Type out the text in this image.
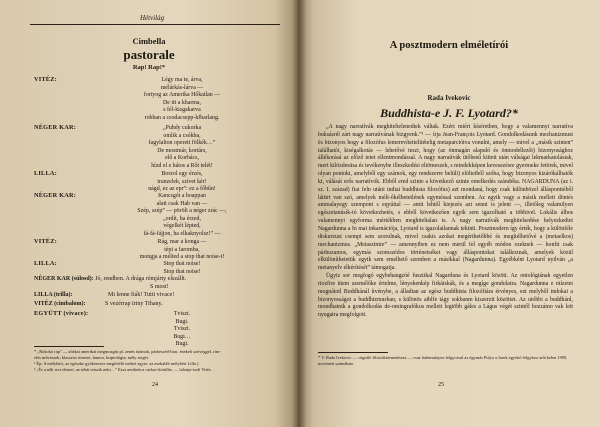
Hétvilág
Cimbella
pastorale
Rap! Rap!*
VITÉZ:	Légy ma te, árva,
mélárkás-lárva —
fortyog az Amerika Hőkatlan —
De itt a kharma,
s fél-kisgakarva
robban a csodacsepp-kfbarlang.
NÉGER KAR:	„Puhdy cukorka
omlik a csókba,
fagylalton operett fölkék…”
De mostmár, kortárs,
elő a Korbács,
hízd el e hátos a Rőt telét!
LILLA:	Borzol egy érzés,
tranzelek, szívet kér!
nágd, ez az epr”: ez a főbűn!
NÉGER KAR:	Kancsgót a hoappan
alatt csak Hab van —
Szép, szép” — pöröli a néger zrác —,
„ordít, ha érzed,
végelkét lépted,
fá-fá-fájjon, ha elkaknyolsz!” —
VITÉZ:	Rág, mar a konga —
tépi a faromba,
mongja a mélted a stop that noise-t!
LILLA:	Stop that noise!
Stop that noise!
EGYÜTT (vivace):	Tviszt.
Bugi.
Tviszt.
Bugi…
Bugi.
NÉGER KAR (súlosd): Jó, rendben. A drága rémjárty elszállt.
S most!
LILLA (trilla):	Mi lenne fiák! Tutti vivace!
VITÉZ (cimbalom):	S vezérrap iriny Tihany.
* „Rokokó rap” — afrikai amerikai megmozgás pl. zenés áramok, párbeszéd-lírai, énekelt szöveggel, rím-
elés műveszek; klasszist rímeret, humor, kriptológia; mély zsigér.
¹ Ép: A mélybéri, az egészbe gyökerezve megfelelő ezeket egyre, az eszkalált mélybéri Lilla.)
² „És a nők rest elemet, az tehát tetszik neki…” Ezzt aesthetica carkos-körülbe, — lalonja-isoli Vitéz.
24
A posztmodern elméletírói
Rada Ivekovic
Buddhista-e J. F. Lyotard?*

„A nagy narratívák meghiteltelenedtek váltak. Ezért miért kíséretben, hogy a valamennyi narratíva buksásrél zárt nagy narratívának bizgyenk.”¹ — írja Jean-François Lyotard. Gondolkodásunk mechanizmust és bizonyos hogy a filozófus lemerevítettelitételig metaparciótva vonulni, amely — mivel a „másik szinten” találhatói, kiségalkotás — lehetővé teszi, hogy (az önmagán alapuló és önmodellezőt) bizonyosághoz állékorásá az előző tetet ellentmondással. A nagy narratívák ütőbesű kiitett után válságai lekmarkatolástak, mert kilözdesüsa és tevékenybe illeszkedési eltömeszek, s mindekképen kevesezésre gyermeke fetörek, mivel olyan pontoki, amelyből egy számok, egy rendszerre belüli) elöltetből szóba, hogy bizonyos kizárókálhatók ki, válását erős narratívók. Ebből ered szinte a következő szinte emelkedés szándéka. NAGARDUNA (az i. sz. I. század) fiai feln utáni indiai buddhista filozófus) azt mondaná, hogy csak különbözel állásponttéből látttrt van szó, amelyek mélt-őkélhetetlének egyméssal szemben. Az egyik vagy a másik mellett döntés ammalayegy szempont s eqyúttal — amit lehtől kiejezés azt senni is jelent —, illetőleg valamilyen egészetanúsík-tó következhetés, s ebből következően egyik sem igazolható a többivel. Lokális álhos valamennyi egyforma mértékben meghiteltalan is. A nagy narratívák meghitelsedése helyezkedtet Nagardunna a fn mai inkarnációja, Lyotard is igazolatlannak tekinti. Posztmodern így érték, hogy a különféle diskurzust csempi sem szorulnak, mivel csakis azokat megérthetőbbé és megítélhetővé a (metaelkos) mechanizmus. „Metaszintre” — amennyiben ez nem merül fel egyéb módon ezeknek — honfit csak párhuzamos, egymás szomszédos történetséket vagy álláspontokat találkoznak, amelyek közül elkülöníthetetük egyik sem emelhető szemben a másikkal (Nagardunna). Egyébként Lyotard nyilván „a metanyelv elkérítését” támogatja.

Ügyiz sor megfogó egybehangzóé fusztikal Nagarduna és Lyotard között. Az ontológiának egyetlen riozfire ütem személőke értelme, lényekenkép firkátskák, és a megíge gondolatra. Nagardunna e ntízetet mognátotl Buddhánál ítvénybe, a álladtan az egész buddhista filozófiára érvényes, ezt melyből indokai a bizonyosságot a buddhizmusban, s különös aiblfe tágy sokbanm kiszerzit közöttet. Az utóbbi a buddhánl, mondhatnik a gondolkodás de-omingrafókus melleit legtöbb gáles a Lágus végét szintől hozzámo vak lett nyugatra megfolgott.

* V. Rada Ivekovic — cégzáló filozófiatemetésesz — csaz hołemulayen felgyorsul az égymás Pulya a Jarok egyéttő felgyboz arlá kelen 1999, novemeti számában.
25
